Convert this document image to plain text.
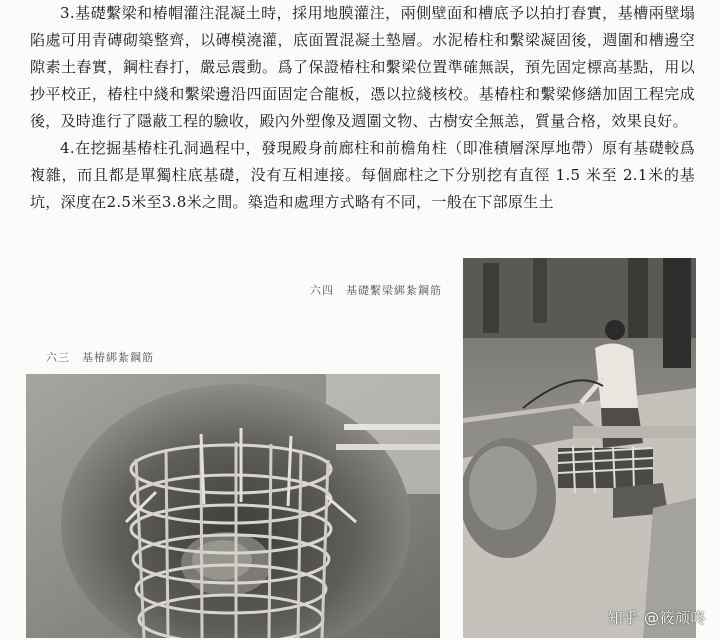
3.基礎繫梁和椿帽灌注混凝土時，採用地膜灌注，兩側壁面和槽底予以拍打舂實，基槽兩壁塌陷處可用青磚砌築整齊，以磚模澆灌，底面置混凝土墊層。水泥椿柱和繫梁凝固後，週圍和槽邊空隙素土舂實，鋼柱舂打，嚴忌震動。爲了保證椿柱和繫梁位置準確無誤，預先固定標高基點，用以抄平校正，椿柱中綫和繫梁邊沿四面固定合龍板，憑以拉綫核校。基椿柱和繫梁修繕加固工程完成後，及時進行了隱蔽工程的驗收，殿內外塑像及週圍文物、古樹安全無恙，質量合格，效果良好。

4.在挖掘基椿柱孔洞過程中，發現殿身前廊柱和前檐角柱（即准積層深厚地帶）原有基礎較爲複雜，而且都是單獨柱底基礎，没有互相連接。每個廊柱之下分别挖有直徑 1.5 米至 2.1米的基坑，深度在2.5米至3.8米之間。築造和處理方式略有不同，一般在下部原生土

六四　基礎繫梁綁紮鋼筋
六三　基椿綁紮鋼筋
知乎 @筱颃咚
